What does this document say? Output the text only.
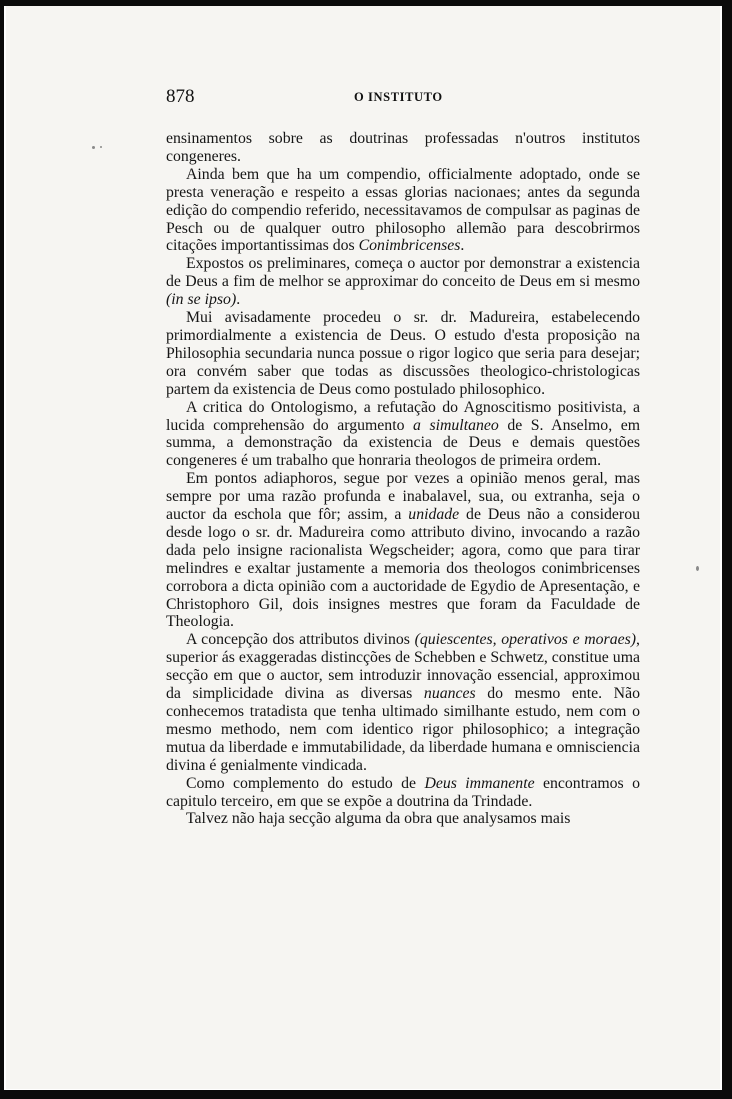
878	O INSTITUTO

ensinamentos sobre as doutrinas professadas n'outros institutos congeneres.

Ainda bem que ha um compendio, officialmente adoptado, onde se presta veneração e respeito a essas glorias nacionaes; antes da segunda edição do compendio referido, necessitavamos de compulsar as paginas de Pesch ou de qualquer outro philosopho allemão para descobrirmos citações importantissimas dos Conimbricenses.

Expostos os preliminares, começa o auctor por demonstrar a existencia de Deus a fim de melhor se approximar do conceito de Deus em si mesmo (in se ipso).

Mui avisadamente procedeu o sr. dr. Madureira, estabelecendo primordialmente a existencia de Deus. O estudo d'esta proposição na Philosophia secundaria nunca possue o rigor logico que seria para desejar; ora convém saber que todas as discussões theologico-christologicas partem da existencia de Deus como postulado philosophico.

A critica do Ontologismo, a refutação do Agnoscitismo positivista, a lucida comprehensão do argumento a simultaneo de S. Anselmo, em summa, a demonstração da existencia de Deus e demais questões congeneres é um trabalho que honraria theologos de primeira ordem.

Em pontos adiaphoros, segue por vezes a opinião menos geral, mas sempre por uma razão profunda e inabalavel, sua, ou extranha, seja o auctor da eschola que fôr; assim, a unidade de Deus não a considerou desde logo o sr. dr. Madureira como attributo divino, invocando a razão dada pelo insigne racionalista Wegscheider; agora, como que para tirar melindres e exaltar justamente a memoria dos theologos conimbricenses corrobora a dicta opinião com a auctoridade de Egydio de Apresentação, e Christophoro Gil, dois insignes mestres que foram da Faculdade de Theologia.

A concepção dos attributos divinos (quiescentes, operativos e moraes), superior ás exaggeradas distincções de Schebben e Schwetz, constitue uma secção em que o auctor, sem introduzir innovação essencial, approximou da simplicidade divina as diversas nuances do mesmo ente. Não conhecemos tratadista que tenha ultimado similhante estudo, nem com o mesmo methodo, nem com identico rigor philosophico; a integração mutua da liberdade e immutabilidade, da liberdade humana e omnisciencia divina é genialmente vindicada.

Como complemento do estudo de Deus immanente encontramos o capitulo terceiro, em que se expõe a doutrina da Trindade.

Talvez não haja secção alguma da obra que analysamos mais
